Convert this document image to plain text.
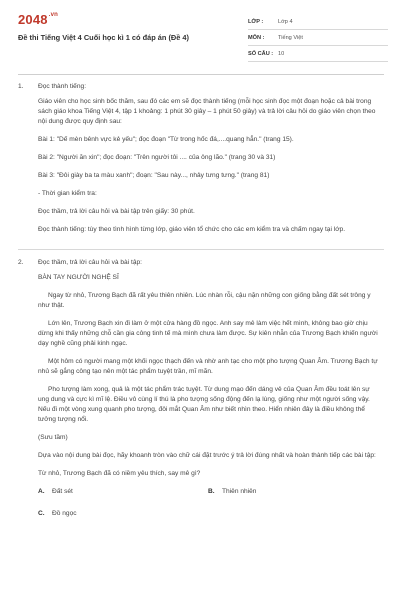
$2048^{.vn}$
Đề thi Tiếng Việt 4 Cuối học kì 1 có đáp án (Đề 4)
LỚP :	Lớp 4
MÔN :	Tiếng Việt
SỐ CÂU : 10
1.	Đọc thành tiếng:

Giáo viên cho học sinh bốc thăm, sau đó các em sẽ đọc thành tiếng (mỗi học sinh đọc một đoạn hoặc cả bài trong sách giáo khoa Tiếng Việt 4, tập 1 khoảng: 1 phút 30 giây – 1 phút 50 giây) và trả lời câu hỏi do giáo viên chọn theo nội dung được quy định sau:

Bài 1: "Dế mèn bênh vực kẻ yếu"; đọc đoạn "Từ trong hốc đá,....quang hẳn." (trang 15).

Bài 2: "Người ăn xin"; đọc đoạn: "Trên người tôi .... của ông lão." (trang 30 và 31)

Bài 3: "Đôi giày ba ta màu xanh"; đoạn: "Sau này..., nhảy tưng tưng." (trang 81)

- Thời gian kiểm tra:

Đọc thầm, trả lời câu hỏi và bài tập trên giấy: 30 phút.

Đọc thành tiếng: tùy theo tình hình từng lớp, giáo viên tổ chức cho các em kiểm tra và chấm ngay tại lớp.

2.	Đọc thầm, trả lời câu hỏi và bài tập:
BÀN TAY NGƯỜI NGHỆ SĨ

Ngay từ nhỏ, Trương Bạch đã rất yêu thiên nhiên. Lúc nhàn rỗi, cậu nặn những con giống bằng đất sét trông y như thật.

Lớn lên, Trương Bạch xin đi làm ở một cửa hàng đồ ngọc. Anh say mê làm việc hết mình, không bao giờ chịu dừng khi thấy những chỗ cần gia công tinh tế mà mình chưa làm được. Sự kiên nhẫn của Trương Bạch khiến người dạy nghề cũng phải kinh ngạc.

Một hôm có người mang một khối ngọc thạch đến và nhờ anh tạc cho một pho tượng Quan Âm. Trương Bạch tự nhủ sẽ gắng công tạo nên một tác phẩm tuyệt trần, mĩ mãn.

Pho tượng làm xong, quả là một tác phẩm trác tuyệt. Từ dung mạo đến dáng vẻ của Quan Âm đều toát lên sự ung dung và cực kì mĩ lệ. Điều vô cùng lí thú là pho tượng sống động đến lạ lùng, giống như một người sống vậy. Nếu đi một vòng xung quanh pho tượng, đôi mắt Quan Âm như biết nhìn theo. Hiển nhiên đây là điều không thể tưởng tượng nổi.

(Sưu tầm)

Dựa vào nội dung bài đọc, hãy khoanh tròn vào chữ cái đặt trước ý trả lời đúng nhất và hoàn thành tiếp các bài tập:

Từ nhỏ, Trương Bạch đã có niềm yêu thích, say mê gì?

A.	Đất sét	B.	Thiên nhiên
C.	Đồ ngọc
